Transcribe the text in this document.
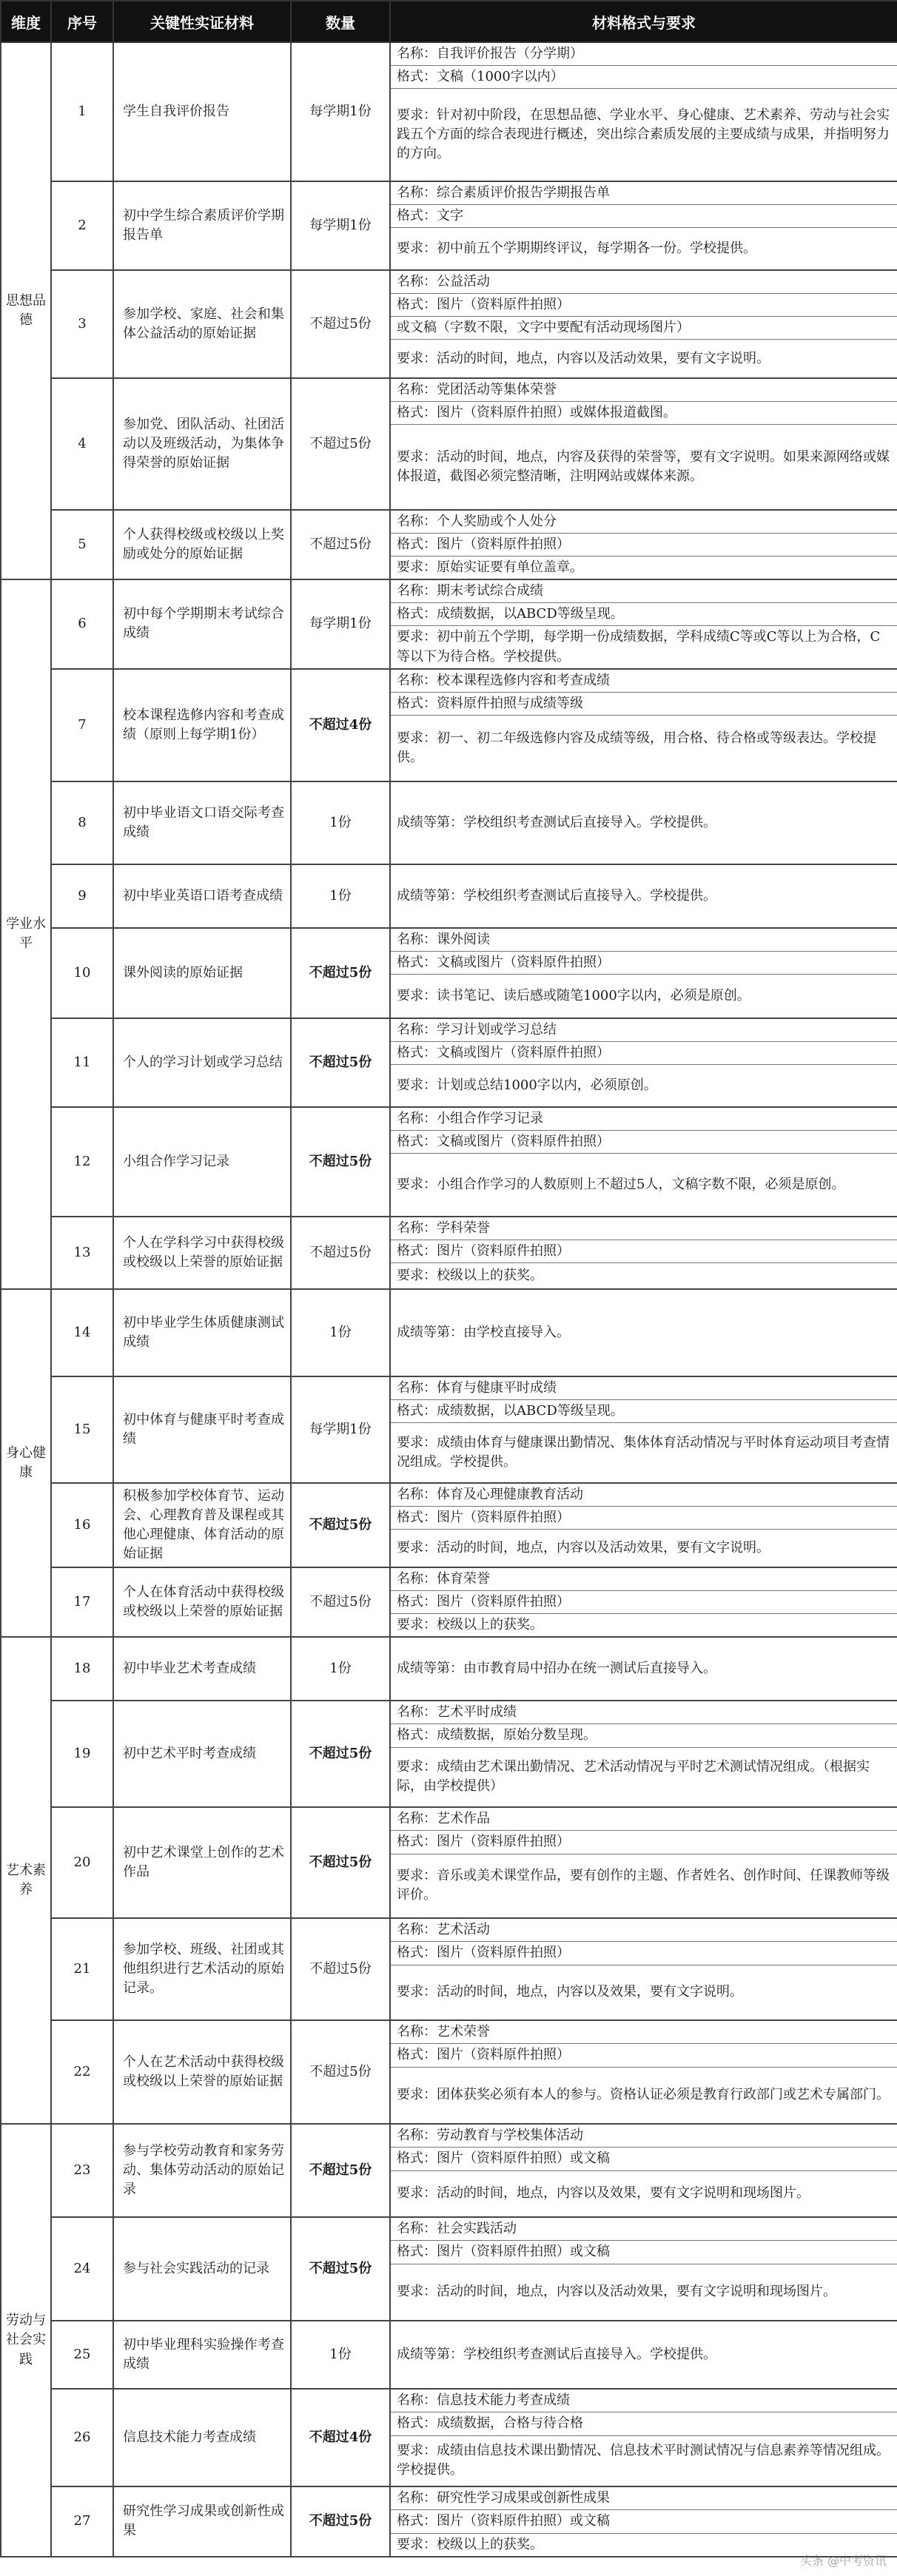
维度	序号	关键性实证材料	数量	材料格式与要求
思想品德	1	学生自我评价报告	每学期1份	名称：自我评价报告（分学期）
格式：文稿（1000字以内）
要求：针对初中阶段，在思想品德、学业水平、身心健康、艺术素养、劳动与社会实践五个方面的综合表现进行概述，突出综合素质发展的主要成绩与成果，并指明努力的方向。

	2	初中学生综合素质评价学期报告单	每学期1份	名称：综合素质评价报告学期报告单
格式：文字
要求：初中前五个学期期终评议，每学期各一份。学校提供。

	3	参加学校、家庭、社会和集体公益活动的原始证据	不超过5份	名称：公益活动
格式：图片（资料原件拍照）
或文稿（字数不限，文字中要配有活动现场图片）
要求：活动的时间，地点，内容以及活动效果，要有文字说明。

	4	参加党、团队活动、社团活动以及班级活动，为集体争得荣誉的原始证据	不超过5份	名称：党团活动等集体荣誉
格式：图片（资料原件拍照）或媒体报道截图。
要求：活动的时间，地点，内容及获得的荣誉等，要有文字说明。如果来源网络或媒体报道，截图必须完整清晰，注明网站或媒体来源。

	5	个人获得校级或校级以上奖励或处分的原始证据	不超过5份	名称：个人奖励或个人处分
格式：图片（资料原件拍照）
要求：原始实证要有单位盖章。

学业水平	6	初中每个学期期末考试综合成绩	每学期1份	名称：期末考试综合成绩
格式：成绩数据，以ABCD等级呈现。
要求：初中前五个学期，每学期一份成绩数据，学科成绩C等或C等以上为合格，C等以下为待合格。学校提供。

	7	校本课程选修内容和考查成绩（原则上每学期1份）	不超过4份	名称：校本课程选修内容和考查成绩
格式：资料原件拍照与成绩等级
要求：初一、初二年级选修内容及成绩等级，用合格、待合格或等级表达。学校提供。

	8	初中毕业语文口语交际考查成绩	1份	成绩等第：学校组织考查测试后直接导入。学校提供。

	9	初中毕业英语口语考查成绩	1份	成绩等第：学校组织考查测试后直接导入。学校提供。

	10	课外阅读的原始证据	不超过5份	名称：课外阅读
格式：文稿或图片（资料原件拍照）
要求：读书笔记、读后感或随笔1000字以内，必须是原创。

	11	个人的学习计划或学习总结	不超过5份	名称：学习计划或学习总结
格式：文稿或图片（资料原件拍照）
要求：计划或总结1000字以内，必须原创。

	12	小组合作学习记录	不超过5份	名称：小组合作学习记录
格式：文稿或图片（资料原件拍照）
要求：小组合作学习的人数原则上不超过5人，文稿字数不限，必须是原创。

	13	个人在学科学习中获得校级或校级以上荣誉的原始证据	不超过5份	名称：学科荣誉
格式：图片（资料原件拍照）
要求：校级以上的获奖。

身心健康	14	初中毕业学生体质健康测试成绩	1份	成绩等第：由学校直接导入。

	15	初中体育与健康平时考查成绩	每学期1份	名称：体育与健康平时成绩
格式：成绩数据，以ABCD等级呈现。
要求：成绩由体育与健康课出勤情况、集体体育活动情况与平时体育运动项目考查情况组成。学校提供。

	16	积极参加学校体育节、运动会、心理教育普及课程或其他心理健康、体育活动的原始证据	不超过5份	名称：体育及心理健康教育活动
格式：图片（资料原件拍照）
要求：活动的时间，地点，内容以及活动效果，要有文字说明。

	17	个人在体育活动中获得校级或校级以上荣誉的原始证据	不超过5份	名称：体育荣誉
格式：图片（资料原件拍照）
要求：校级以上的获奖。

艺术素养	18	初中毕业艺术考查成绩	1份	成绩等第：由市教育局中招办在统一测试后直接导入。

	19	初中艺术平时考查成绩	不超过5份	名称：艺术平时成绩
格式：成绩数据，原始分数呈现。
要求：成绩由艺术课出勤情况、艺术活动情况与平时艺术测试情况组成。（根据实际，由学校提供）

	20	初中艺术课堂上创作的艺术作品	不超过5份	名称：艺术作品
格式：图片（资料原件拍照）
要求：音乐或美术课堂作品，要有创作的主题、作者姓名、创作时间、任课教师等级评价。

	21	参加学校、班级、社团或其他组织进行艺术活动的原始记录。	不超过5份	名称：艺术活动
格式：图片（资料原件拍照）
要求：活动的时间，地点，内容以及效果，要有文字说明。

	22	个人在艺术活动中获得校级或校级以上荣誉的原始证据	不超过5份	名称：艺术荣誉
格式：图片（资料原件拍照）
要求：团体获奖必须有本人的参与。资格认证必须是教育行政部门或艺术专属部门。

劳动与社会实践	23	参与学校劳动教育和家务劳动、集体劳动活动的原始记录	不超过5份	名称：劳动教育与学校集体活动
格式：图片（资料原件拍照）或文稿
要求：活动的时间，地点，内容以及效果，要有文字说明和现场图片。

	24	参与社会实践活动的记录	不超过5份	名称：社会实践活动
格式：图片（资料原件拍照）或文稿
要求：活动的时间，地点，内容以及活动效果，要有文字说明和现场图片。

	25	初中毕业理科实验操作考查成绩	1份	成绩等第：学校组织考查测试后直接导入。学校提供。

	26	信息技术能力考查成绩	不超过4份	名称：信息技术能力考查成绩
格式：成绩数据，合格与待合格
要求：成绩由信息技术课出勤情况、信息技术平时测试情况与信息素养等情况组成。学校提供。

	27	研究性学习成果或创新性成果	不超过5份	名称：研究性学习成果或创新性成果
格式：图片（资料原件拍照）或文稿
要求：校级以上的获奖。
头条 @中考资讯
